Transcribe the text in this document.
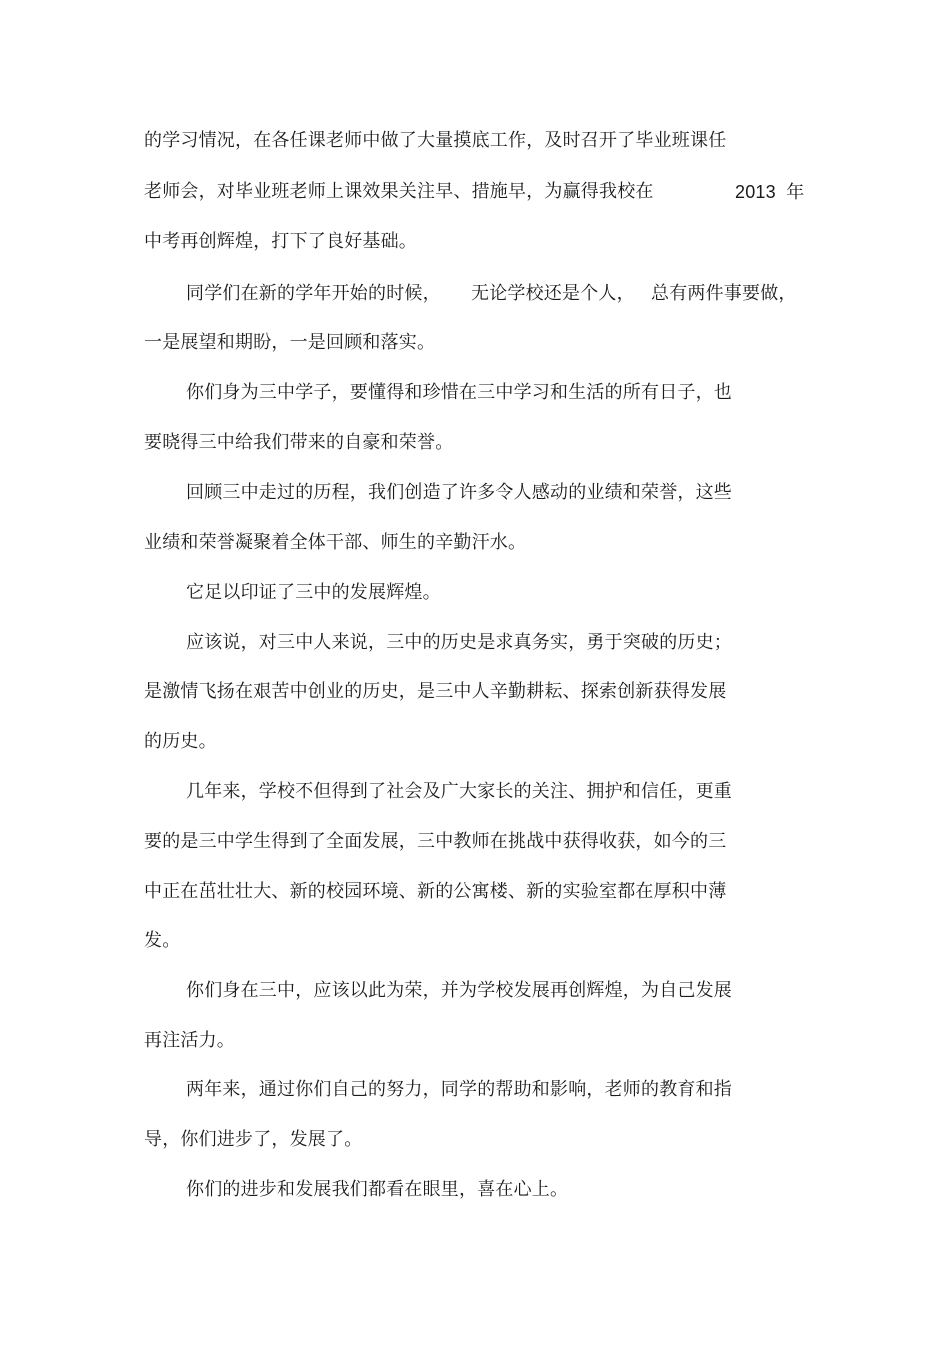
的学习情况，在各任课老师中做了大量摸底工作，及时召开了毕业班课任
老师会，对毕业班老师上课效果关注早、措施早，为赢得我校在	2013  年
中考再创辉煌，打下了良好基础。
同学们在新的学年开始的时候， 无论学校还是个人， 总有两件事要做，
一是展望和期盼，一是回顾和落实。
你们身为三中学子，要懂得和珍惜在三中学习和生活的所有日子，也
要晓得三中给我们带来的自豪和荣誉。
回顾三中走过的历程，我们创造了许多令人感动的业绩和荣誉，这些
业绩和荣誉凝聚着全体干部、师生的辛勤汗水。
它足以印证了三中的发展辉煌。
应该说，对三中人来说，三中的历史是求真务实，勇于突破的历史；
是激情飞扬在艰苦中创业的历史，是三中人辛勤耕耘、探索创新获得发展
的历史。
几年来，学校不但得到了社会及广大家长的关注、拥护和信任，更重
要的是三中学生得到了全面发展，三中教师在挑战中获得收获，如今的三
中正在茁壮壮大、新的校园环境、新的公寓楼、新的实验室都在厚积中薄
发。
你们身在三中，应该以此为荣，并为学校发展再创辉煌，为自己发展
再注活力。
两年来，通过你们自己的努力，同学的帮助和影响，老师的教育和指
导，你们进步了，发展了。
你们的进步和发展我们都看在眼里，喜在心上。
